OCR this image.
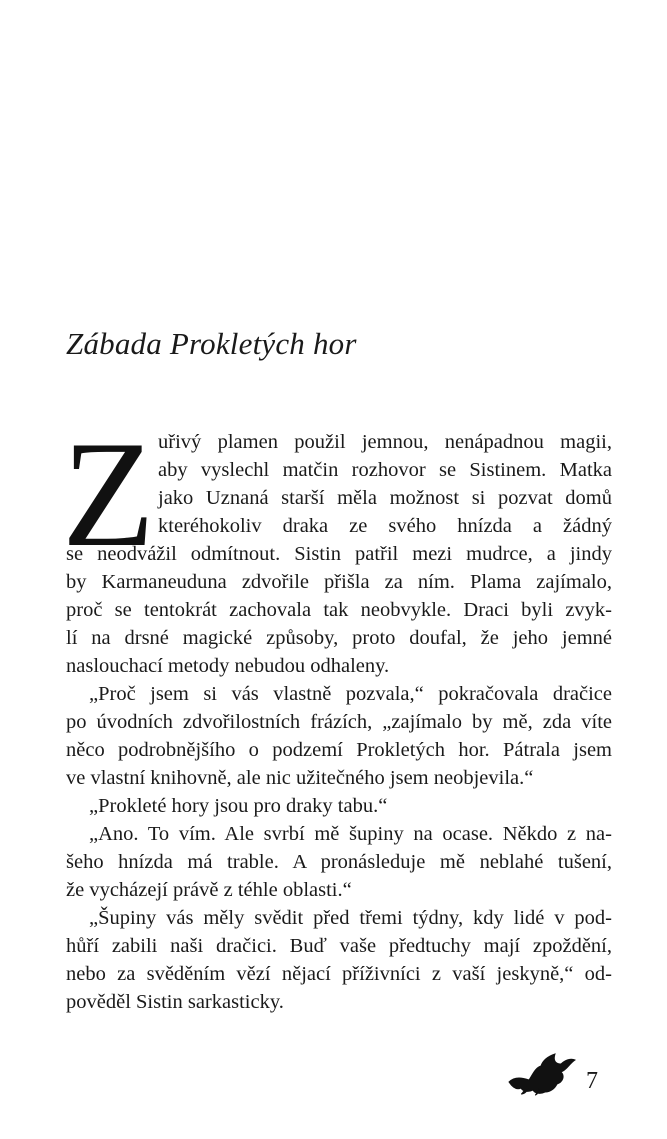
Zábada Prokletých hor
Z uřivý plamen použil jemnou, nenápadnou magii,
aby vyslechl matčin rozhovor se Sistinem. Matka
jako Uznaná starší měla možnost si pozvat domů
kteréhokoliv draka ze svého hnízda a žádný
se neodvážil odmítnout. Sistin patřil mezi mudrce, a jindy
by Karmaneuduna zdvořile přišla za ním. Plama zajímalo,
proč se tentokrát zachovala tak neobvykle. Draci byli zvyk-
lí na drsné magické způsoby, proto doufal, že jeho jemné
naslouchací metody nebudou odhaleny.
„Proč jsem si vás vlastně pozvala,“ pokračovala dračice
po úvodních zdvořilostních frázích, „zajímalo by mě, zda víte
něco podrobnějšího o podzemí Prokletých hor. Pátrala jsem
ve vlastní knihovně, ale nic užitečného jsem neobjevila.“
„Prokleté hory jsou pro draky tabu.“
„Ano. To vím. Ale svrbí mě šupiny na ocase. Někdo z na-
šeho hnízda má trable. A pronásleduje mě neblahé tušení,
že vycházejí právě z téhle oblasti.“
„Šupiny vás měly svědit před třemi týdny, kdy lidé v pod-
hůří zabili naši dračici. Buď vaše předtuchy mají zpoždění,
nebo za svěděním vězí nějací příživníci z vaší jeskyně,“ od-
pověděl Sistin sarkasticky.
7
